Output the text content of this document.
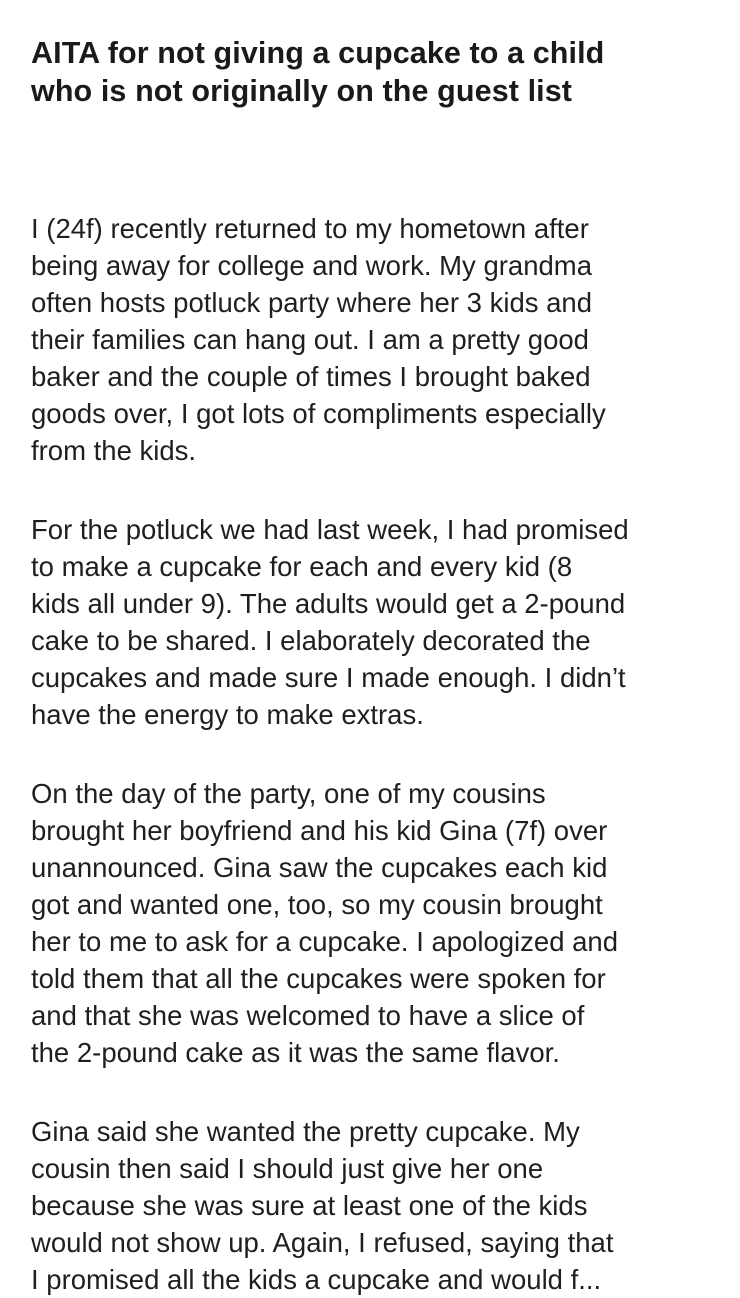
AITA for not giving a cupcake to a child
who is not originally on the guest list

I (24f) recently returned to my hometown after
being away for college and work. My grandma
often hosts potluck party where her 3 kids and
their families can hang out. I am a pretty good
baker and the couple of times I brought baked
goods over, I got lots of compliments especially
from the kids.

For the potluck we had last week, I had promised
to make a cupcake for each and every kid (8
kids all under 9). The adults would get a 2-pound
cake to be shared. I elaborately decorated the
cupcakes and made sure I made enough. I didn’t
have the energy to make extras.

On the day of the party, one of my cousins
brought her boyfriend and his kid Gina (7f) over
unannounced. Gina saw the cupcakes each kid
got and wanted one, too, so my cousin brought
her to me to ask for a cupcake. I apologized and
told them that all the cupcakes were spoken for
and that she was welcomed to have a slice of
the 2-pound cake as it was the same flavor.

Gina said she wanted the pretty cupcake. My
cousin then said I should just give her one
because she was sure at least one of the kids
would not show up. Again, I refused, saying that
I promised all the kids a cupcake and would f...
